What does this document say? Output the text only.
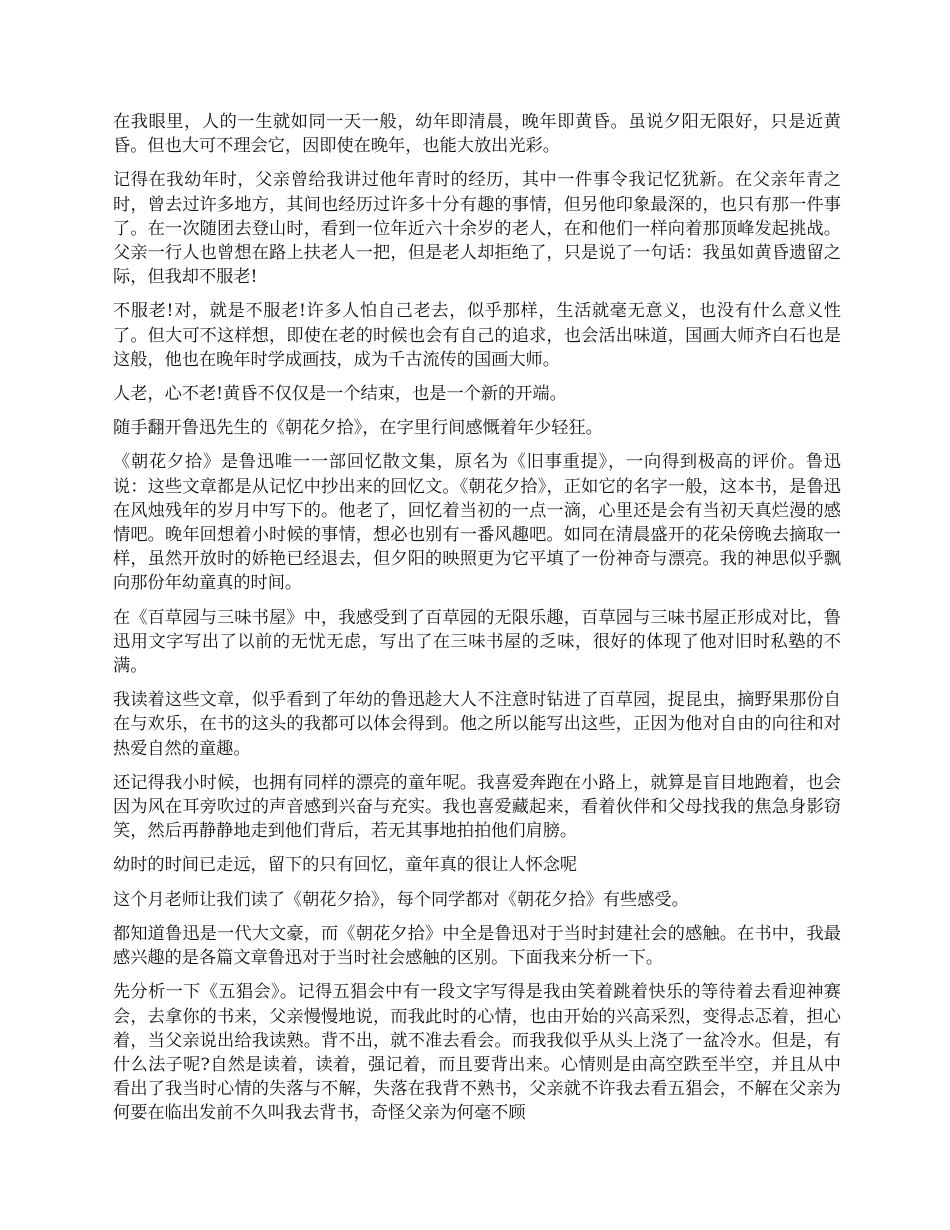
在我眼里，人的一生就如同一天一般，幼年即清晨，晚年即黄昏。虽说夕阳无限好，只是近黄昏。但也大可不理会它，因即使在晚年，也能大放出光彩。

记得在我幼年时，父亲曾给我讲过他年青时的经历，其中一件事令我记忆犹新。在父亲年青之时，曾去过许多地方，其间也经历过许多十分有趣的事情，但另他印象最深的，也只有那一件事了。在一次随团去登山时，看到一位年近六十余岁的老人，在和他们一样向着那顶峰发起挑战。父亲一行人也曾想在路上扶老人一把，但是老人却拒绝了，只是说了一句话：我虽如黄昏遗留之际，但我却不服老!

不服老!对，就是不服老!许多人怕自己老去，似乎那样，生活就毫无意义，也没有什么意义性了。但大可不这样想，即使在老的时候也会有自己的追求，也会活出味道，国画大师齐白石也是这般，他也在晚年时学成画技，成为千古流传的国画大师。

人老，心不老!黄昏不仅仅是一个结束，也是一个新的开端。

随手翻开鲁迅先生的《朝花夕拾》，在字里行间感慨着年少轻狂。

《朝花夕拾》是鲁迅唯一一部回忆散文集，原名为《旧事重提》，一向得到极高的评价。鲁迅说：这些文章都是从记忆中抄出来的回忆文。《朝花夕拾》，正如它的名字一般，这本书，是鲁迅在风烛残年的岁月中写下的。他老了，回忆着当初的一点一滴，心里还是会有当初天真烂漫的感情吧。晚年回想着小时候的事情，想必也别有一番风趣吧。如同在清晨盛开的花朵傍晚去摘取一样，虽然开放时的娇艳已经退去，但夕阳的映照更为它平填了一份神奇与漂亮。我的神思似乎飘向那份年幼童真的时间。

在《百草园与三味书屋》中，我感受到了百草园的无限乐趣，百草园与三味书屋正形成对比，鲁迅用文字写出了以前的无忧无虑，写出了在三味书屋的乏味，很好的体现了他对旧时私塾的不满。

我读着这些文章，似乎看到了年幼的鲁迅趁大人不注意时钻进了百草园，捉昆虫，摘野果那份自在与欢乐，在书的这头的我都可以体会得到。他之所以能写出这些，正因为他对自由的向往和对热爱自然的童趣。

还记得我小时候，也拥有同样的漂亮的童年呢。我喜爱奔跑在小路上，就算是盲目地跑着，也会因为风在耳旁吹过的声音感到兴奋与充实。我也喜爱藏起来，看着伙伴和父母找我的焦急身影窃笑，然后再静静地走到他们背后，若无其事地拍拍他们肩膀。

幼时的时间已走远，留下的只有回忆，童年真的很让人怀念呢

这个月老师让我们读了《朝花夕拾》，每个同学都对《朝花夕拾》有些感受。

都知道鲁迅是一代大文豪，而《朝花夕拾》中全是鲁迅对于当时封建社会的感触。在书中，我最感兴趣的是各篇文章鲁迅对于当时社会感触的区别。下面我来分析一下。

先分析一下《五猖会》。记得五猖会中有一段文字写得是我由笑着跳着快乐的等待着去看迎神赛会，去拿你的书来，父亲慢慢地说，而我此时的心情，也由开始的兴高采烈，变得忐忑着，担心着，当父亲说出给我读熟。背不出，就不准去看会。而我我似乎从头上浇了一盆冷水。但是，有什么法子呢?自然是读着，读着，强记着，而且要背出来。心情则是由高空跌至半空，并且从中看出了我当时心情的失落与不解，失落在我背不熟书，父亲就不许我去看五猖会，不解在父亲为何要在临出发前不久叫我去背书，奇怪父亲为何毫不顾
